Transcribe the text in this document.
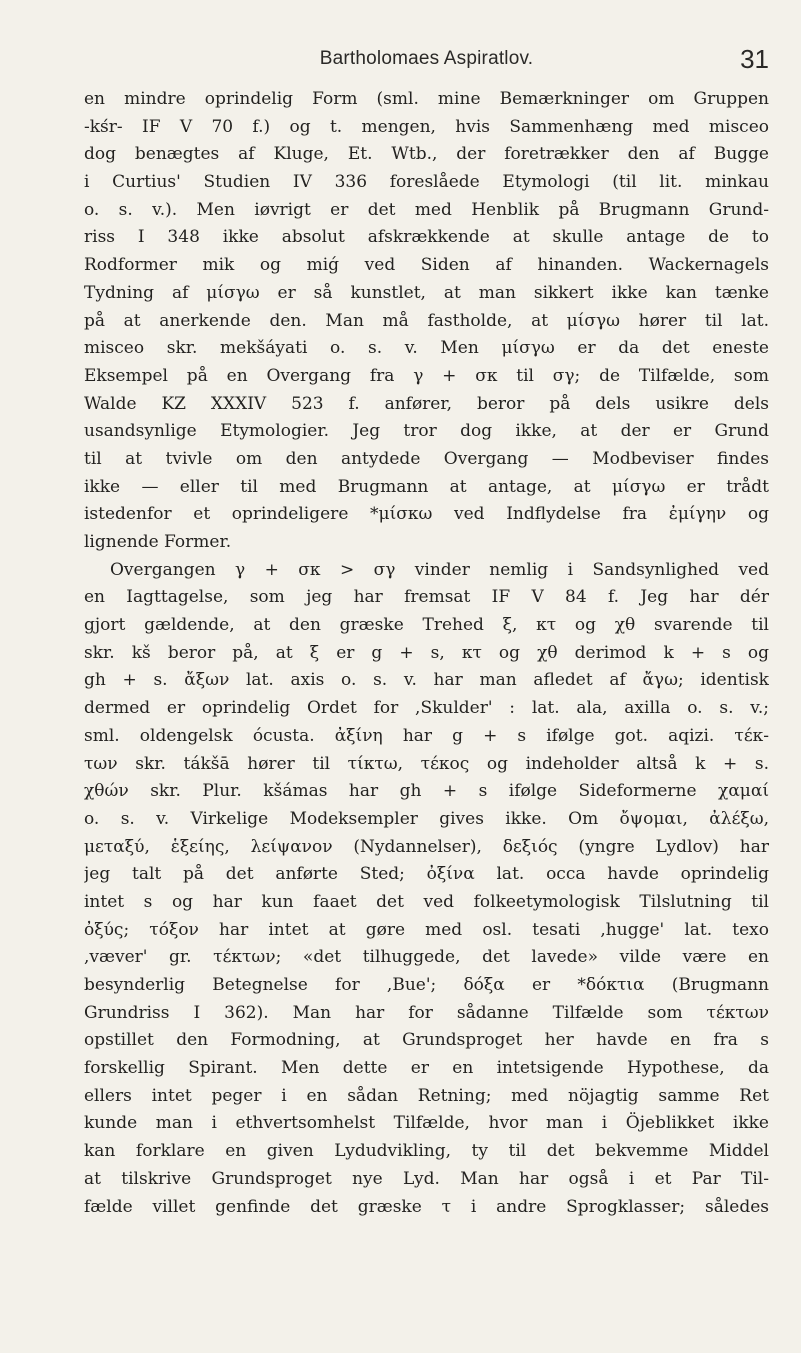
Bartholomaes Aspiratlov.	31
en mindre oprindelig Form (sml. mine Bemærkninger om Gruppen
-kśr- IF V 70 f.) og t. mengen, hvis Sammenhæng med misceo
dog benægtes af Kluge, Et. Wtb., der foretrækker den af Bugge
i Curtius' Studien IV 336 foreslåede Etymologi (til lit. minkau
o. s. v.). Men iøvrigt er det med Henblik på Brugmann Grund-
riss I 348 ikke absolut afskrækkende at skulle antage de to
Rodformer mik og miǵ ved Siden af hinanden. Wackernagels
Tydning af μίσγω er så kunstlet, at man sikkert ikke kan tænke
på at anerkende den. Man må fastholde, at μίσγω hører til lat.
misceo skr. mekšáyati o. s. v. Men μίσγω er da det eneste
Eksempel på en Overgang fra γ + σκ til σγ; de Tilfælde, som
Walde KZ XXXIV 523 f. anfører, beror på dels usikre dels
usandsynlige Etymologier. Jeg tror dog ikke, at der er Grund
til at tvivle om den antydede Overgang — Modbeviser findes
ikke — eller til med Brugmann at antage, at μίσγω er trådt
istedenfor et oprindeligere *μίσκω ved Indflydelse fra ἐμίγην og
lignende Former.
Overgangen γ + σκ > σγ vinder nemlig i Sandsynlighed ved
en Iagttagelse, som jeg har fremsat IF V 84 f. Jeg har dér
gjort gældende, at den græske Trehed ξ, κτ og χθ svarende til
skr. kš beror på, at ξ er g + s, κτ og χθ derimod k + s og
gh + s. ἄξων lat. axis o. s. v. har man afledet af ἄγω; identisk
dermed er oprindelig Ordet for ,Skulder' : lat. ala, axilla o. s. v.;
sml. oldengelsk ócusta. ἀξίνη har g + s ifølge got. aqizi. τέκ-
των skr. tákšā hører til τίκτω, τέκος og indeholder altså k + s.
χθών skr. Plur. kšámas har gh + s ifølge Sideformerne χαμαί
o. s. v. Virkelige Modeksempler gives ikke. Om ὄψομαι, ἀλέξω,
μεταξύ, ἑξείης, λείψανον (Nydannelser), δεξιός (yngre Lydlov) har
jeg talt på det anførte Sted; ὀξίνα lat. occa havde oprindelig
intet s og har kun faaet det ved folkeetymologisk Tilslutning til
ὀξύς; τόξον har intet at gøre med osl. tesati ,hugge' lat. texo
,væver' gr. τέκτων; «det tilhuggede, det lavede» vilde være en
besynderlig Betegnelse for ,Bue'; δόξα er *δόκτια (Brugmann
Grundriss I 362). Man har for sådanne Tilfælde som τέκτων
opstillet den Formodning, at Grundsproget her havde en fra s
forskellig Spirant. Men dette er en intetsigende Hypothese, da
ellers intet peger i en sådan Retning; med nöjagtig samme Ret
kunde man i ethvertsomhelst Tilfælde, hvor man i Öjeblikket ikke
kan forklare en given Lydudvikling, ty til det bekvemme Middel
at tilskrive Grundsproget nye Lyd. Man har også i et Par Til-
fælde villet genfinde det græske τ i andre Sprogklasser; således
